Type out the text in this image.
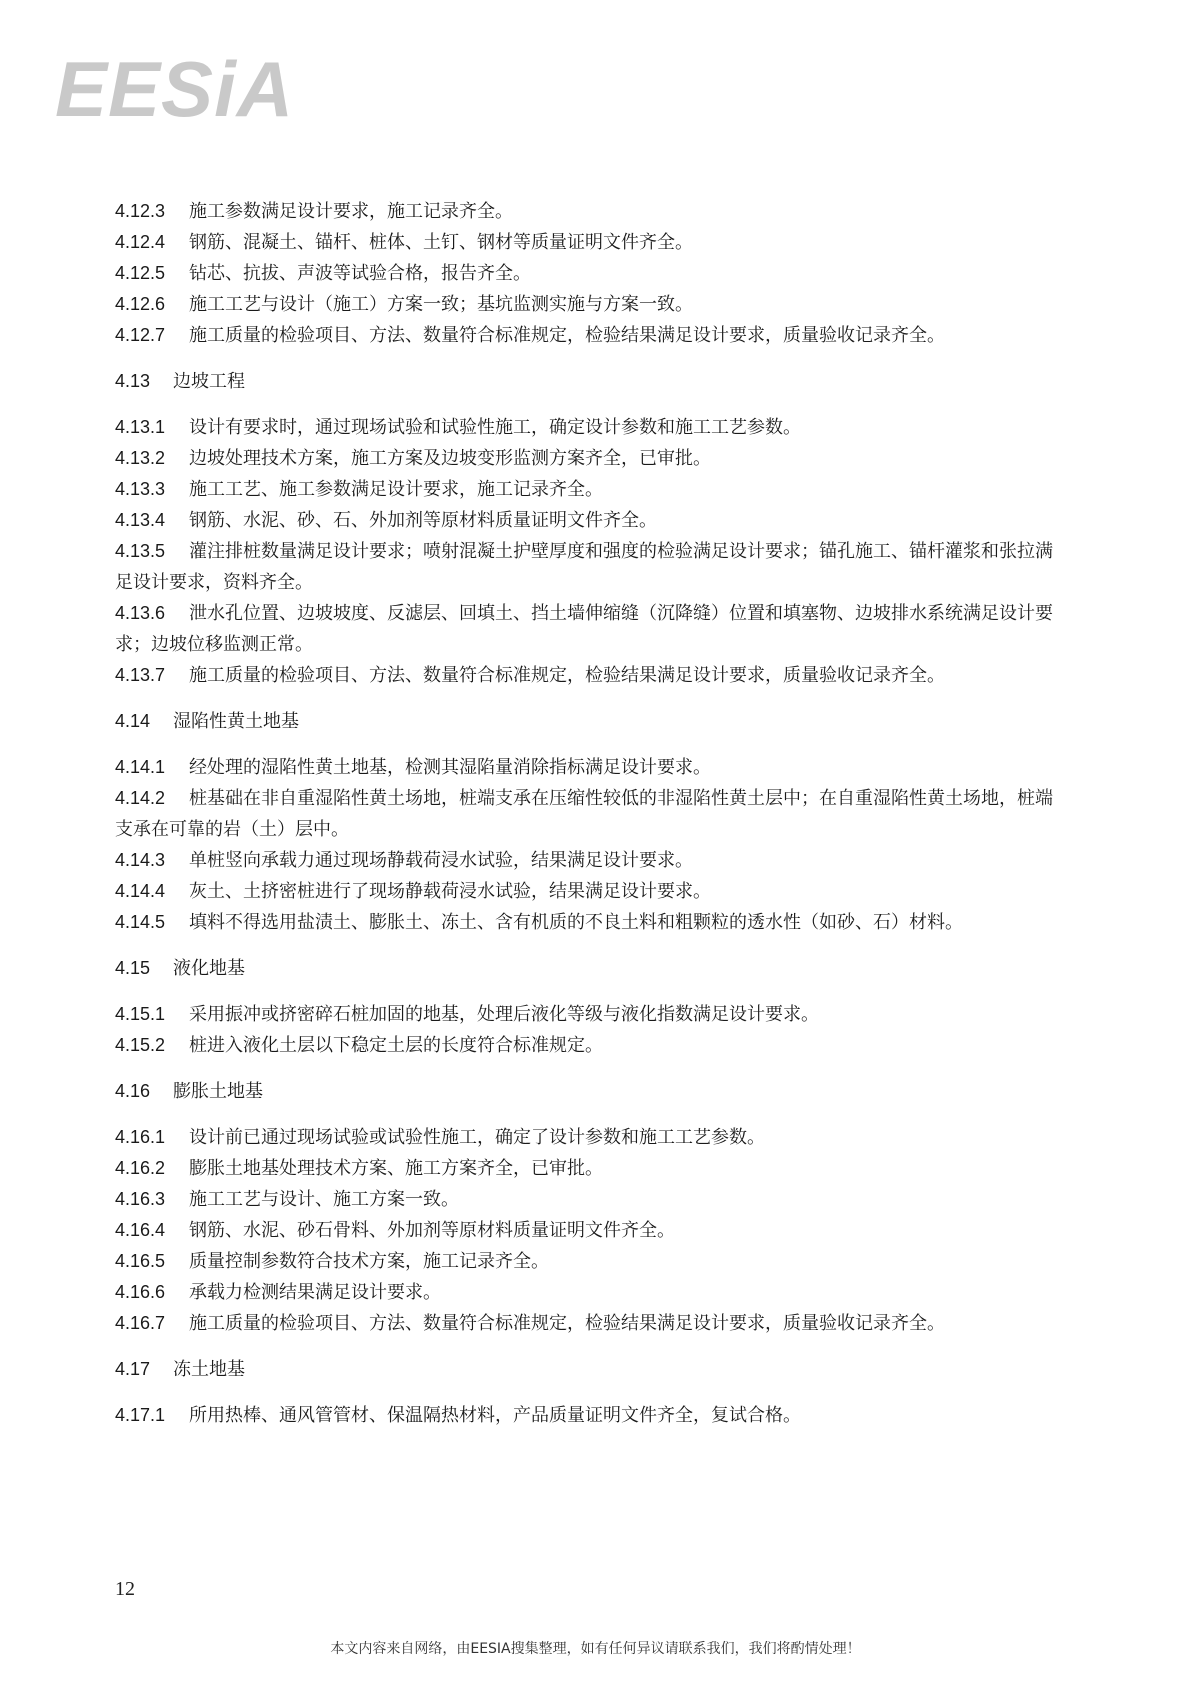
EESiA

4.12.3 施工参数满足设计要求，施工记录齐全。

4.12.4 钢筋、混凝土、锚杆、桩体、土钉、钢材等质量证明文件齐全。

4.12.5 钻芯、抗拔、声波等试验合格，报告齐全。

4.12.6 施工工艺与设计（施工）方案一致；基坑监测实施与方案一致。

4.12.7 施工质量的检验项目、方法、数量符合标准规定，检验结果满足设计要求，质量验收记录齐全。

4.13 边坡工程

4.13.1 设计有要求时，通过现场试验和试验性施工，确定设计参数和施工工艺参数。

4.13.2 边坡处理技术方案，施工方案及边坡变形监测方案齐全，已审批。

4.13.3 施工工艺、施工参数满足设计要求，施工记录齐全。

4.13.4 钢筋、水泥、砂、石、外加剂等原材料质量证明文件齐全。

4.13.5 灌注排桩数量满足设计要求；喷射混凝土护壁厚度和强度的检验满足设计要求；锚孔施工、锚杆灌浆和张拉满足设计要求，资料齐全。

4.13.6 泄水孔位置、边坡坡度、反滤层、回填土、挡土墙伸缩缝（沉降缝）位置和填塞物、边坡排水系统满足设计要求；边坡位移监测正常。

4.13.7 施工质量的检验项目、方法、数量符合标准规定，检验结果满足设计要求，质量验收记录齐全。

4.14 湿陷性黄土地基

4.14.1 经处理的湿陷性黄土地基，检测其湿陷量消除指标满足设计要求。

4.14.2 桩基础在非自重湿陷性黄土场地，桩端支承在压缩性较低的非湿陷性黄土层中；在自重湿陷性黄土场地，桩端支承在可靠的岩（土）层中。

4.14.3 单桩竖向承载力通过现场静载荷浸水试验，结果满足设计要求。

4.14.4 灰土、土挤密桩进行了现场静载荷浸水试验，结果满足设计要求。

4.14.5 填料不得选用盐渍土、膨胀土、冻土、含有机质的不良土料和粗颗粒的透水性（如砂、石）材料。

4.15 液化地基

4.15.1 采用振冲或挤密碎石桩加固的地基，处理后液化等级与液化指数满足设计要求。

4.15.2 桩进入液化土层以下稳定土层的长度符合标准规定。

4.16 膨胀土地基

4.16.1 设计前已通过现场试验或试验性施工，确定了设计参数和施工工艺参数。

4.16.2 膨胀土地基处理技术方案、施工方案齐全，已审批。

4.16.3 施工工艺与设计、施工方案一致。

4.16.4 钢筋、水泥、砂石骨料、外加剂等原材料质量证明文件齐全。

4.16.5 质量控制参数符合技术方案，施工记录齐全。

4.16.6 承载力检测结果满足设计要求。

4.16.7 施工质量的检验项目、方法、数量符合标准规定，检验结果满足设计要求，质量验收记录齐全。

4.17 冻土地基

4.17.1 所用热棒、通风管管材、保温隔热材料，产品质量证明文件齐全，复试合格。

12
本文内容来自网络，由EESIA搜集整理，如有任何异议请联系我们，我们将酌情处理！
